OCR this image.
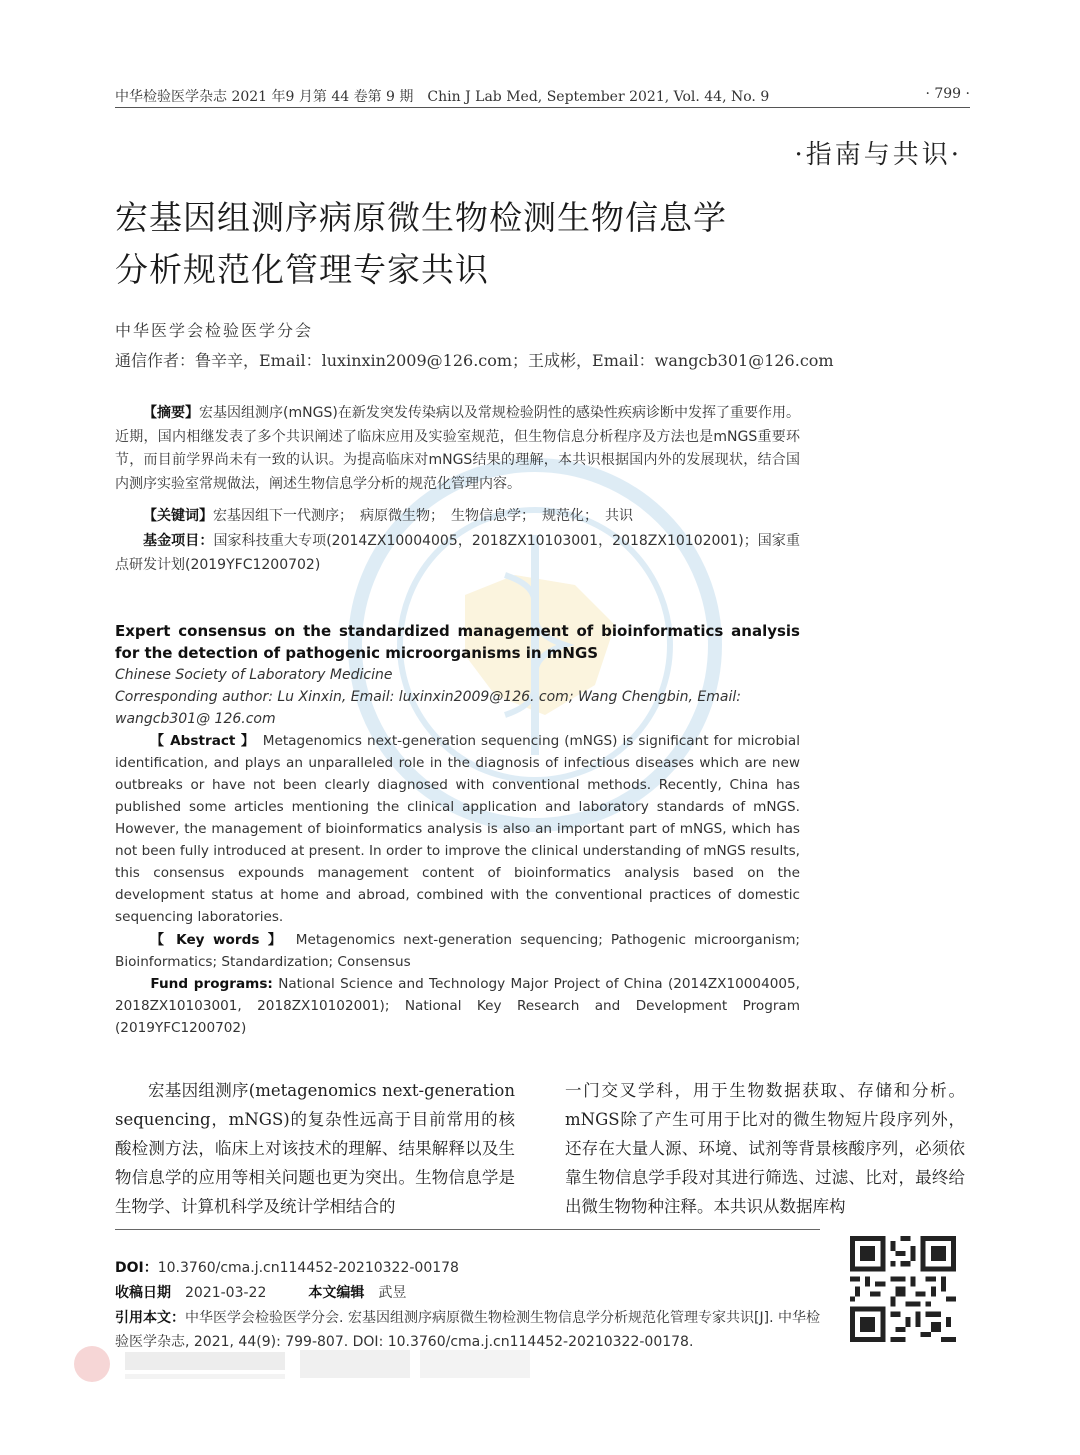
中华检验医学杂志 2021 年9 月第 44 卷第 9 期　 Chin J Lab Med, September 2021, Vol. 44, No. 9	· 799 ·
·指南与共识·
宏基因组测序病原微生物检测生物信息学
分析规范化管理专家共识
中华医学会检验医学分会
通信作者：鲁辛辛，Email：luxinxin2009@126.com；王成彬，Email：wangcb301@126.com
【摘要】宏基因组测序(mNGS)在新发突发传染病以及常规检验阴性的感染性疾病诊断中发挥了重要作用。近期，国内相继发表了多个共识阐述了临床应用及实验室规范，但生物信息分析程序及方法也是mNGS重要环节，而目前学界尚未有一致的认识。为提高临床对mNGS结果的理解，本共识根据国内外的发展现状，结合国内测序实验室常规做法，阐述生物信息学分析的规范化管理内容。
【关键词】宏基因组下一代测序；　病原微生物；　生物信息学；　规范化；　共识
基金项目：国家科技重大专项(2014ZX10004005，2018ZX10103001，2018ZX10102001)；国家重点研发计划(2019YFC1200702)
Expert consensus on the standardized management of bioinformatics analysis for the detection of pathogenic microorganisms in mNGS
Chinese Society of Laboratory Medicine
Corresponding author: Lu Xinxin, Email: luxinxin2009@126. com; Wang Chengbin, Email: wangcb301@ 126.com
【 Abstract 】　 Metagenomics next-generation sequencing (mNGS) is significant for microbial identification, and plays an unparalleled role in the diagnosis of infectious diseases which are new outbreaks or have not been clearly diagnosed with conventional methods. Recently, China has published some articles mentioning the clinical application and laboratory standards of mNGS. However, the management of bioinformatics analysis is also an important part of mNGS, which has not been fully introduced at present. In order to improve the clinical understanding of mNGS results, this consensus expounds management content of bioinformatics analysis based on the development status at home and abroad, combined with the conventional practices of domestic sequencing laboratories.
【 Key words 】　 Metagenomics next-generation sequencing; Pathogenic microorganism; Bioinformatics; Standardization; Consensus
Fund programs: National Science and Technology Major Project of China (2014ZX10004005, 2018ZX10103001, 2018ZX10102001); National Key Research and Development Program (2019YFC1200702)
宏基因组测序(metagenomics next-generation sequencing，mNGS)的复杂性远高于目前常用的核酸检测方法，临床上对该技术的理解、结果解释以及生物信息学的应用等相关问题也更为突出。生物信息学是生物学、计算机科学及统计学相结合的
一门交叉学科，用于生物数据获取、存储和分析。mNGS除了产生可用于比对的微生物短片段序列外，还存在大量人源、环境、试剂等背景核酸序列，必须依靠生物信息学手段对其进行筛选、过滤、比对，最终给出微生物物种注释。本共识从数据库构
DOI：10.3760/cma.j.cn114452-20210322-00178
收稿日期　 2021-03-22　　　	本文编辑　 武昱
引用本文：中华医学会检验医学分会. 宏基因组测序病原微生物检测生物信息学分析规范化管理专家共识[J]. 中华检验医学杂志, 2021, 44(9): 799-807. DOI: 10.3760/cma.j.cn114452-20210322-00178.
